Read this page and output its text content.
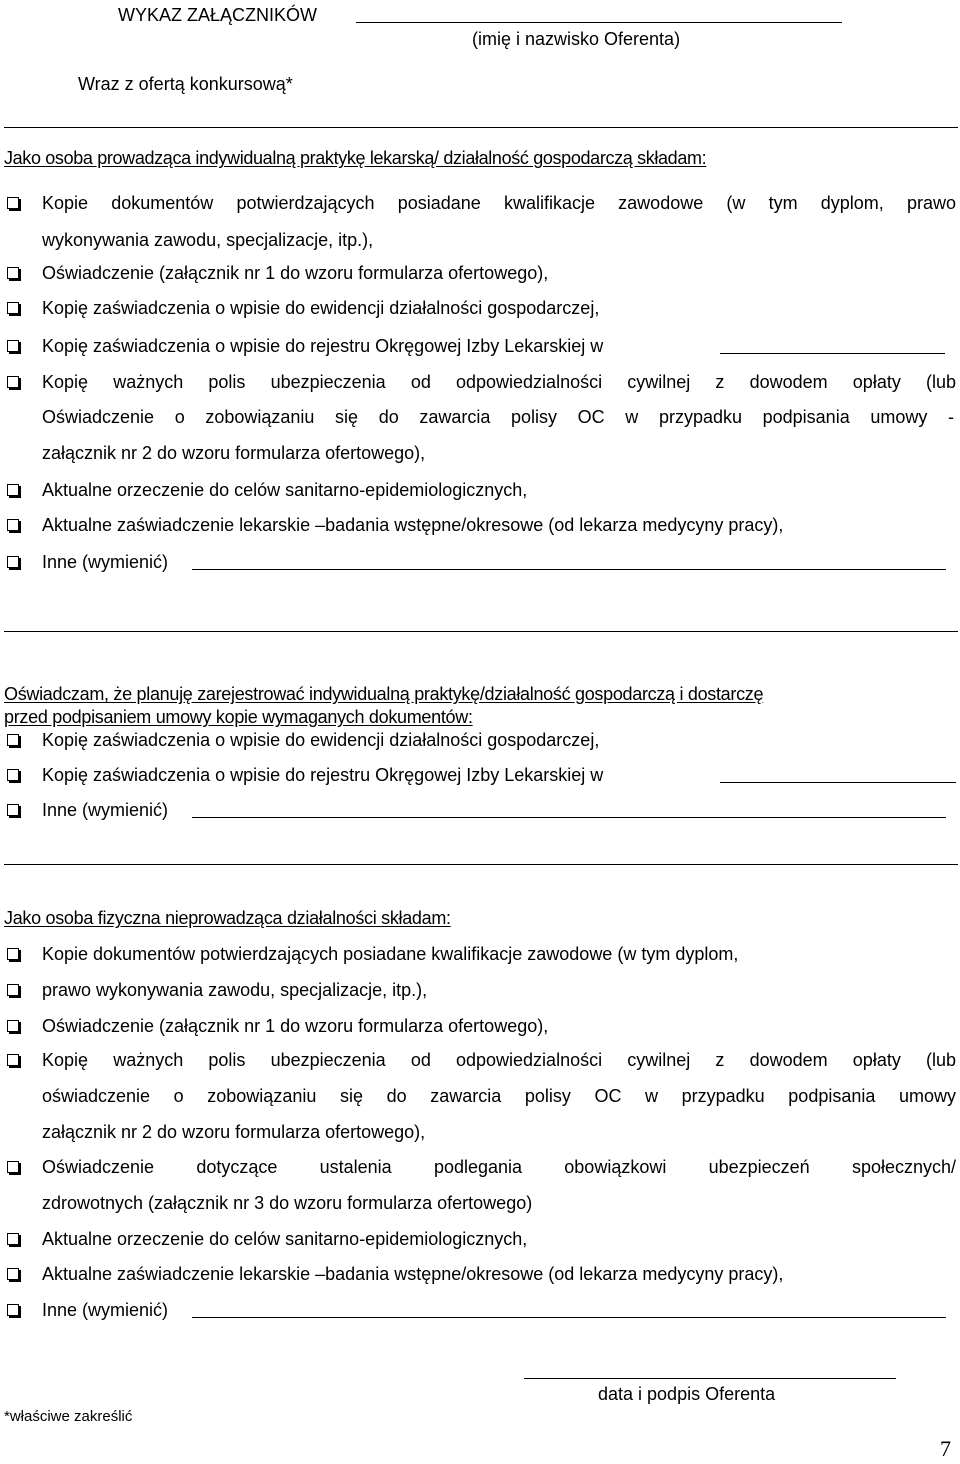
WYKAZ ZAŁĄCZNIKÓW
(imię i nazwisko Oferenta)
Wraz z ofertą konkursową*
Jako osoba prowadząca indywidualną praktykę lekarską/ działalność gospodarczą składam:
Kopie dokumentów potwierdzających posiadane kwalifikacje zawodowe (w tym dyplom, prawo
wykonywania zawodu, specjalizacje, itp.),
Oświadczenie (załącznik nr 1 do wzoru formularza ofertowego),
Kopię zaświadczenia o wpisie do ewidencji działalności gospodarczej,
Kopię zaświadczenia o wpisie do rejestru Okręgowej Izby Lekarskiej w
Kopię ważnych polis ubezpieczenia od odpowiedzialności cywilnej z dowodem opłaty (lub
Oświadczenie o zobowiązaniu się do zawarcia polisy OC w przypadku podpisania umowy -
załącznik nr 2 do wzoru formularza ofertowego),
Aktualne orzeczenie do celów sanitarno-epidemiologicznych,
Aktualne zaświadczenie lekarskie –badania wstępne/okresowe (od lekarza medycyny pracy),
Inne (wymienić)
Oświadczam, że planuję zarejestrować indywidualną praktykę/działalność gospodarczą i dostarczę
przed podpisaniem umowy kopie wymaganych dokumentów:
Kopię zaświadczenia o wpisie do ewidencji działalności gospodarczej,
Kopię zaświadczenia o wpisie do rejestru Okręgowej Izby Lekarskiej w
Inne (wymienić)
Jako osoba fizyczna nieprowadząca działalności składam:
Kopie dokumentów potwierdzających posiadane kwalifikacje zawodowe (w tym dyplom,
prawo wykonywania zawodu, specjalizacje, itp.),
Oświadczenie (załącznik nr 1 do wzoru formularza ofertowego),
Kopię ważnych polis ubezpieczenia od odpowiedzialności cywilnej z dowodem opłaty (lub
oświadczenie o zobowiązaniu się do zawarcia polisy OC w przypadku podpisania umowy
załącznik nr 2 do wzoru formularza ofertowego),
Oświadczenie dotyczące ustalenia podlegania obowiązkowi ubezpieczeń społecznych/
zdrowotnych (załącznik nr 3 do wzoru formularza ofertowego)
Aktualne orzeczenie do celów sanitarno-epidemiologicznych,
Aktualne zaświadczenie lekarskie –badania wstępne/okresowe (od lekarza medycyny pracy),
Inne (wymienić)
data i podpis Oferenta
*właściwe zakreślić
7
